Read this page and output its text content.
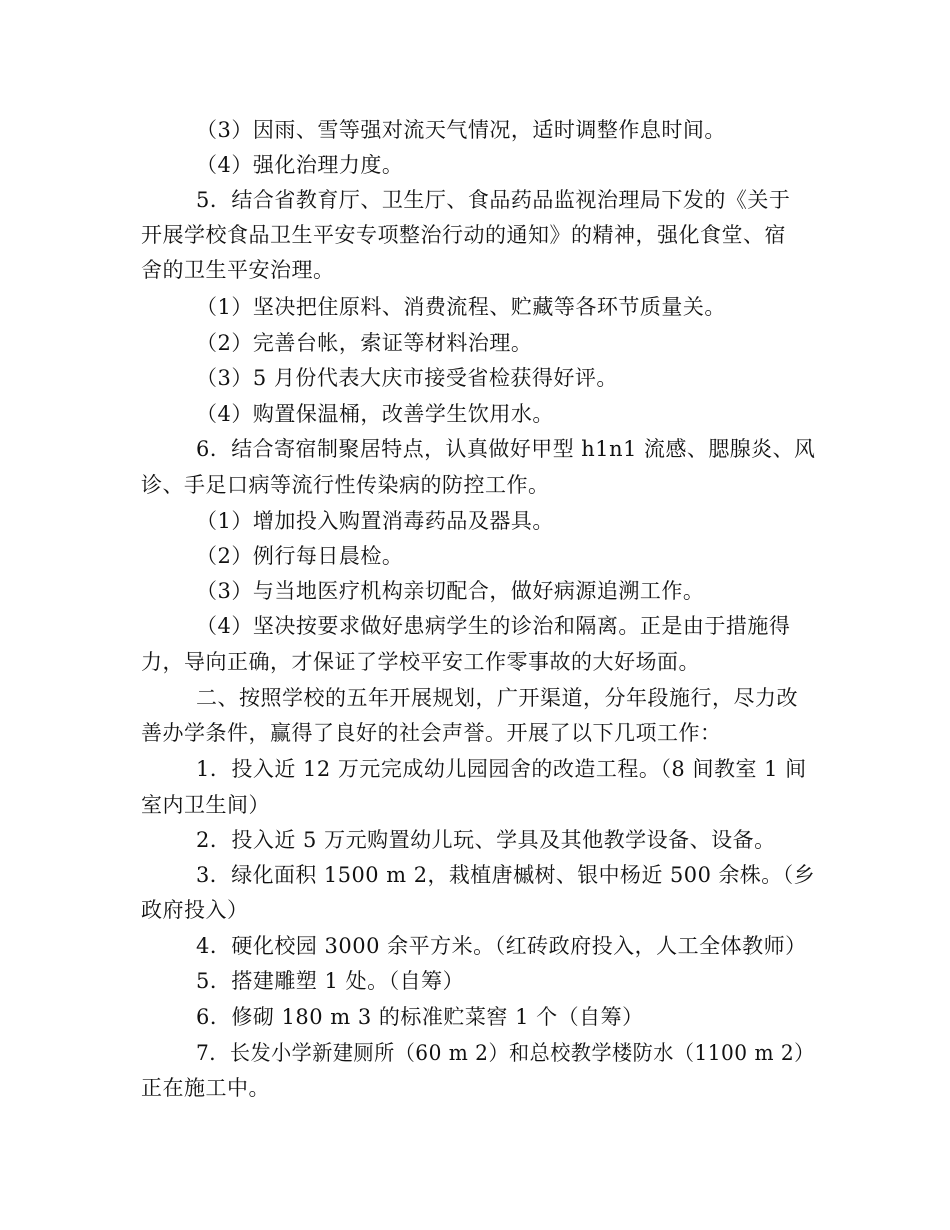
（3）因雨、雪等强对流天气情况，适时调整作息时间。
（4）强化治理力度。
5．结合省教育厅、卫生厅、食品药品监视治理局下发的《关于
开展学校食品卫生平安专项整治行动的通知》的精神，强化食堂、宿
舍的卫生平安治理。
（1）坚决把住原料、消费流程、贮藏等各环节质量关。
（2）完善台帐，索证等材料治理。
（3）5 月份代表大庆市接受省检获得好评。
（4）购置保温桶，改善学生饮用水。
6．结合寄宿制聚居特点，认真做好甲型 h1n1 流感、腮腺炎、风
诊、手足口病等流行性传染病的防控工作。
（1）增加投入购置消毒药品及器具。
（2）例行每日晨检。
（3）与当地医疗机构亲切配合，做好病源追溯工作。
（4）坚决按要求做好患病学生的诊治和隔离。正是由于措施得
力，导向正确，才保证了学校平安工作零事故的大好场面。
二、按照学校的五年开展规划，广开渠道，分年段施行，尽力改
善办学条件，赢得了良好的社会声誉。开展了以下几项工作：
1．投入近 12 万元完成幼儿园园舍的改造工程。（8 间教室 1 间
室内卫生间）
2．投入近 5 万元购置幼儿玩、学具及其他教学设备、设备。
3．绿化面积 1500 m 2，栽植唐槭树、银中杨近 500 余株。（乡
政府投入）
4．硬化校园 3000 余平方米。（红砖政府投入，人工全体教师）
5．搭建雕塑 1 处。（自筹）
6．修砌 180 m 3 的标准贮菜窖 1 个（自筹）
7．长发小学新建厕所（60 m 2）和总校教学楼防水（1100 m 2）
正在施工中。
